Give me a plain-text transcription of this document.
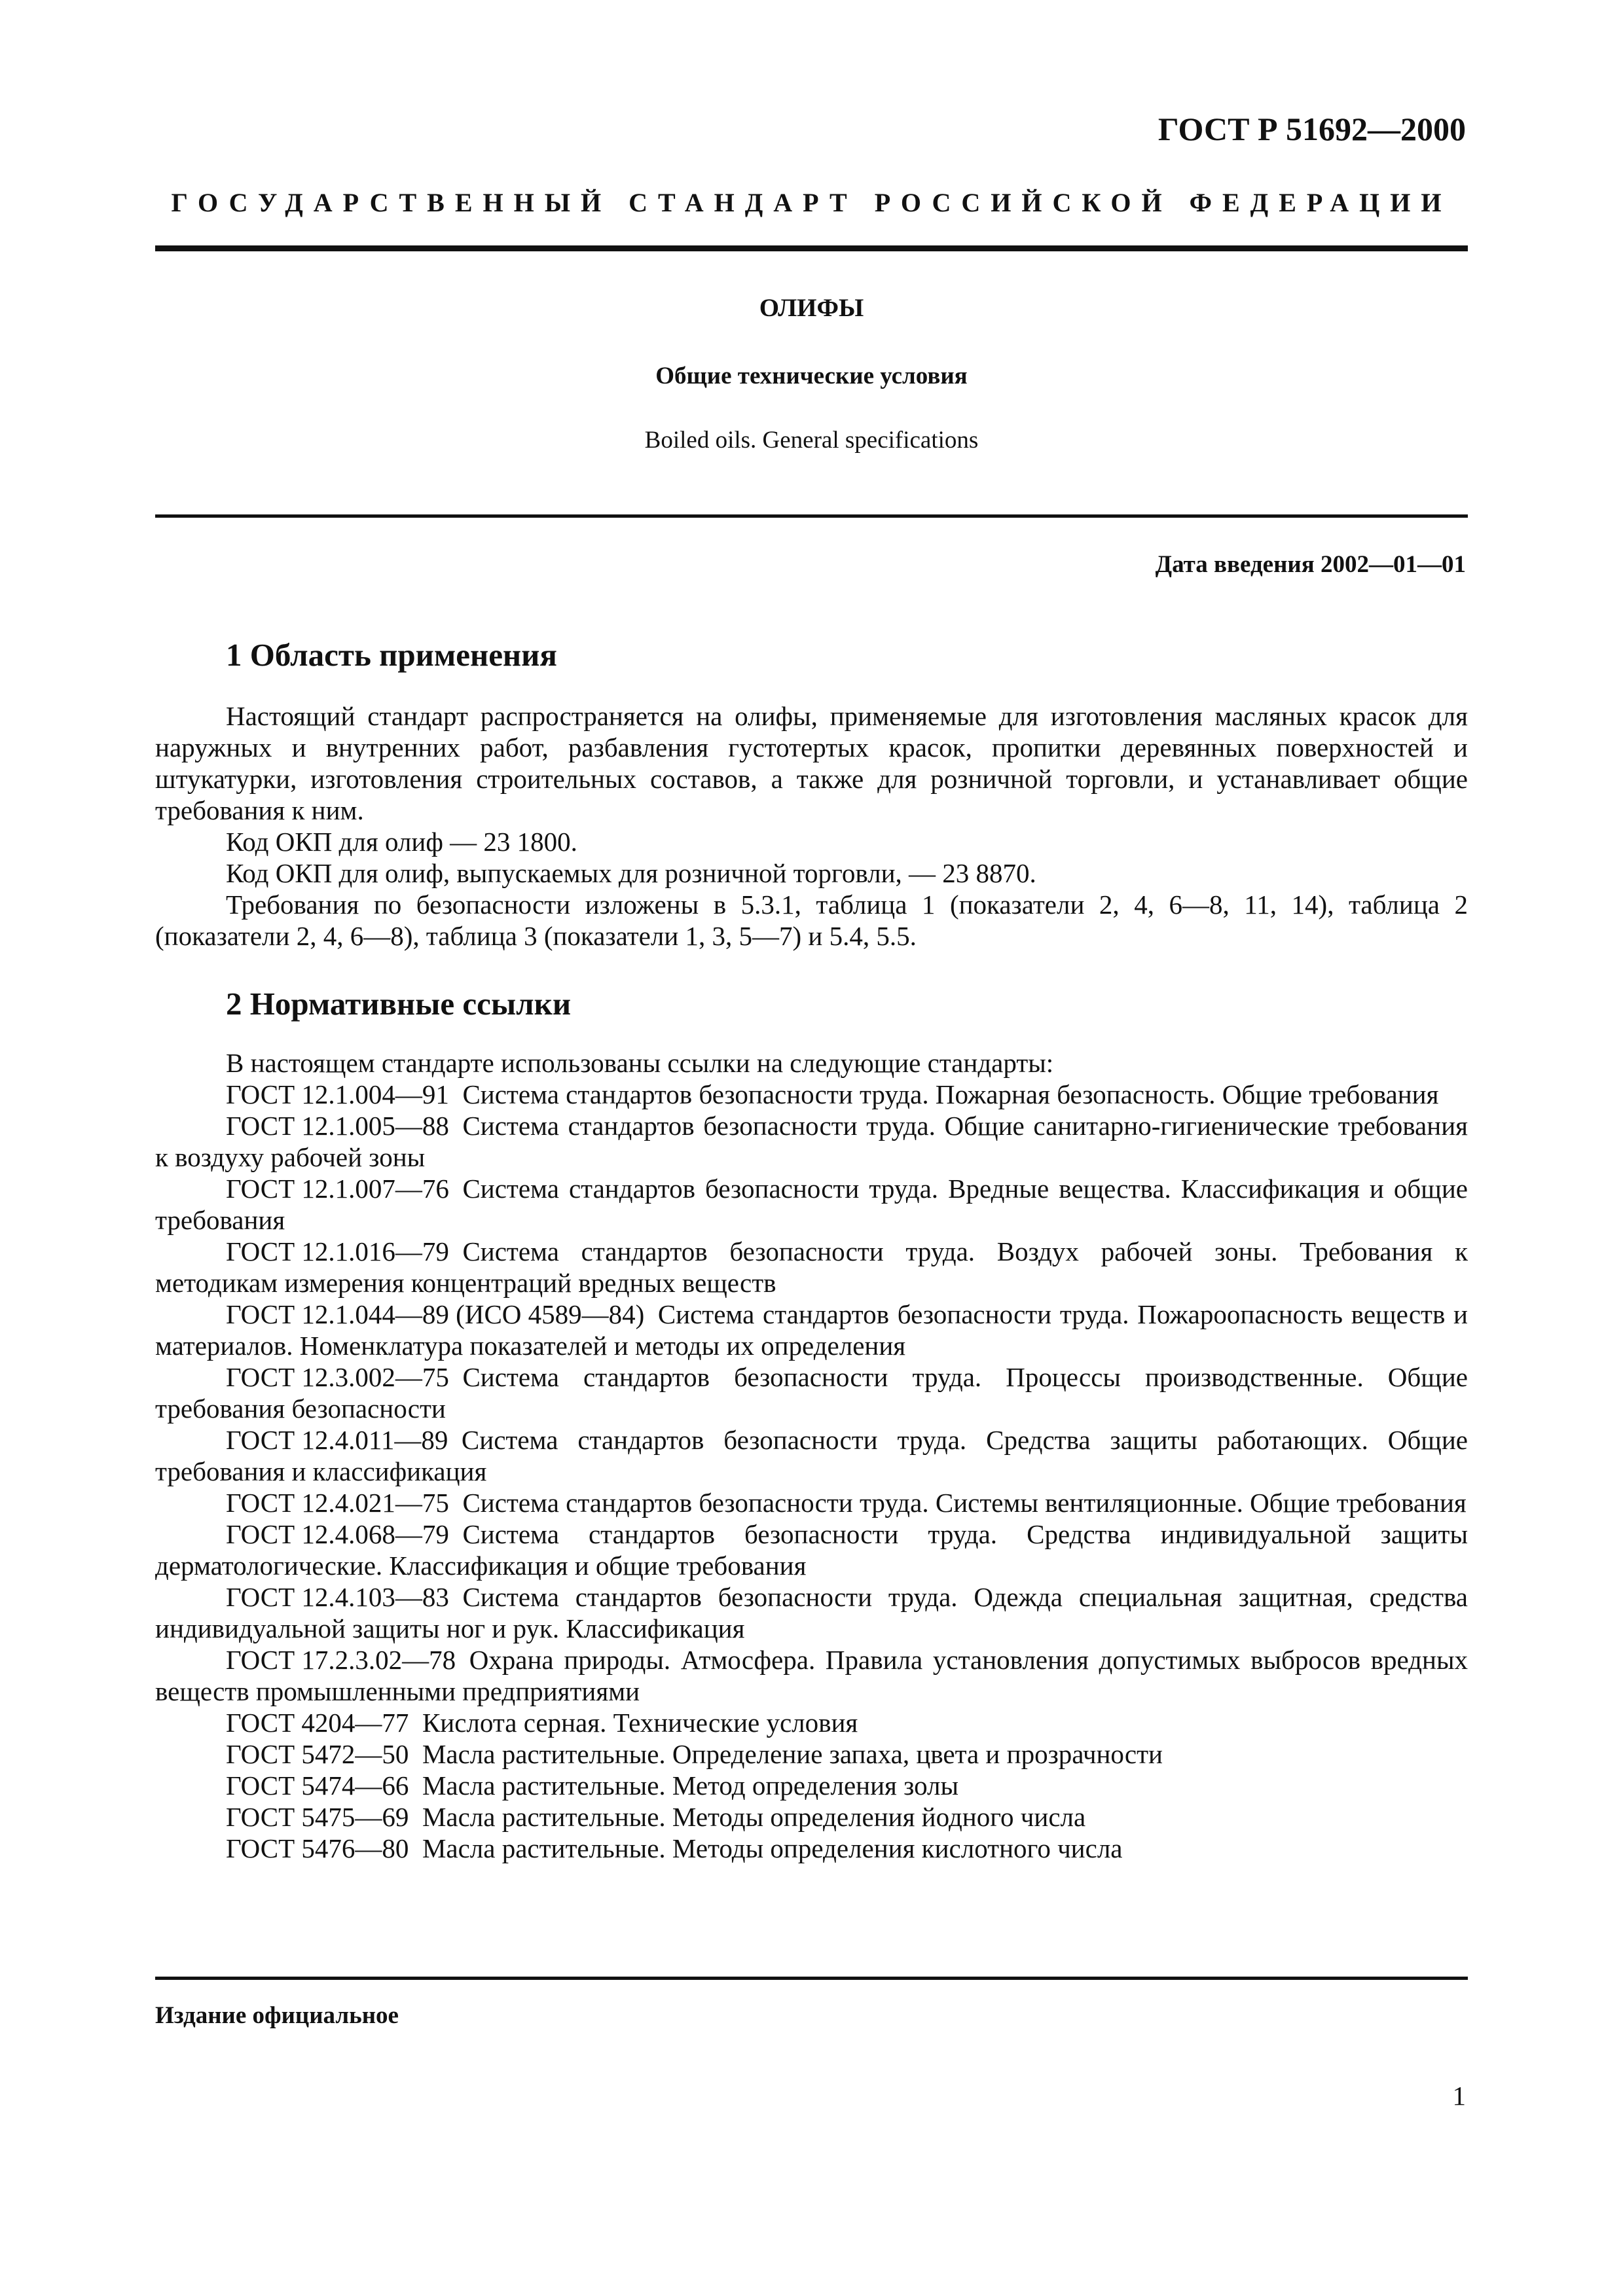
ГОСТ Р 51692—2000
ГОСУДАРСТВЕННЫЙ СТАНДАРТ РОССИЙСКОЙ ФЕДЕРАЦИИ
ОЛИФЫ
Общие технические условия
Boiled oils. General specifications
Дата введения 2002—01—01
1 Область применения

Настоящий стандарт распространяется на олифы, применяемые для изготовления масляных красок для наружных и внутренних работ, разбавления густотертых красок, пропитки деревянных поверхностей и штукатурки, изготовления строительных составов, а также для розничной торговли, и устанавливает общие требования к ним.

Код ОКП для олиф — 23 1800.

Код ОКП для олиф, выпускаемых для розничной торговли, — 23 8870.

Требования по безопасности изложены в 5.3.1, таблица 1 (показатели 2, 4, 6—8, 11, 14), таблица 2 (показатели 2, 4, 6—8), таблица 3 (показатели 1, 3, 5—7) и 5.4, 5.5.

2 Нормативные ссылки

В настоящем стандарте использованы ссылки на следующие стандарты:

ГОСТ 12.1.004—91  Система стандартов безопасности труда. Пожарная безопасность. Общие требования

ГОСТ 12.1.005—88  Система стандартов безопасности труда. Общие санитарно-гигиенические требования к воздуху рабочей зоны

ГОСТ 12.1.007—76  Система стандартов безопасности труда. Вредные вещества. Классификация и общие требования

ГОСТ 12.1.016—79  Система стандартов безопасности труда. Воздух рабочей зоны. Требования к методикам измерения концентраций вредных веществ

ГОСТ 12.1.044—89 (ИСО 4589—84)  Система стандартов безопасности труда. Пожароопасность веществ и материалов. Номенклатура показателей и методы их определения

ГОСТ 12.3.002—75  Система стандартов безопасности труда. Процессы производственные. Общие требования безопасности

ГОСТ 12.4.011—89  Система стандартов безопасности труда. Средства защиты работающих. Общие требования и классификация

ГОСТ 12.4.021—75  Система стандартов безопасности труда. Системы вентиляционные. Общие требования

ГОСТ 12.4.068—79  Система стандартов безопасности труда. Средства индивидуальной защиты дерматологические. Классификация и общие требования

ГОСТ 12.4.103—83  Система стандартов безопасности труда. Одежда специальная защитная, средства индивидуальной защиты ног и рук. Классификация

ГОСТ 17.2.3.02—78  Охрана природы. Атмосфера. Правила установления допустимых выбросов вредных веществ промышленными предприятиями

ГОСТ 4204—77  Кислота серная. Технические условия

ГОСТ 5472—50  Масла растительные. Определение запаха, цвета и прозрачности

ГОСТ 5474—66  Масла растительные. Метод определения золы

ГОСТ 5475—69  Масла растительные. Методы определения йодного числа

ГОСТ 5476—80  Масла растительные. Методы определения кислотного числа

Издание официальное
1
